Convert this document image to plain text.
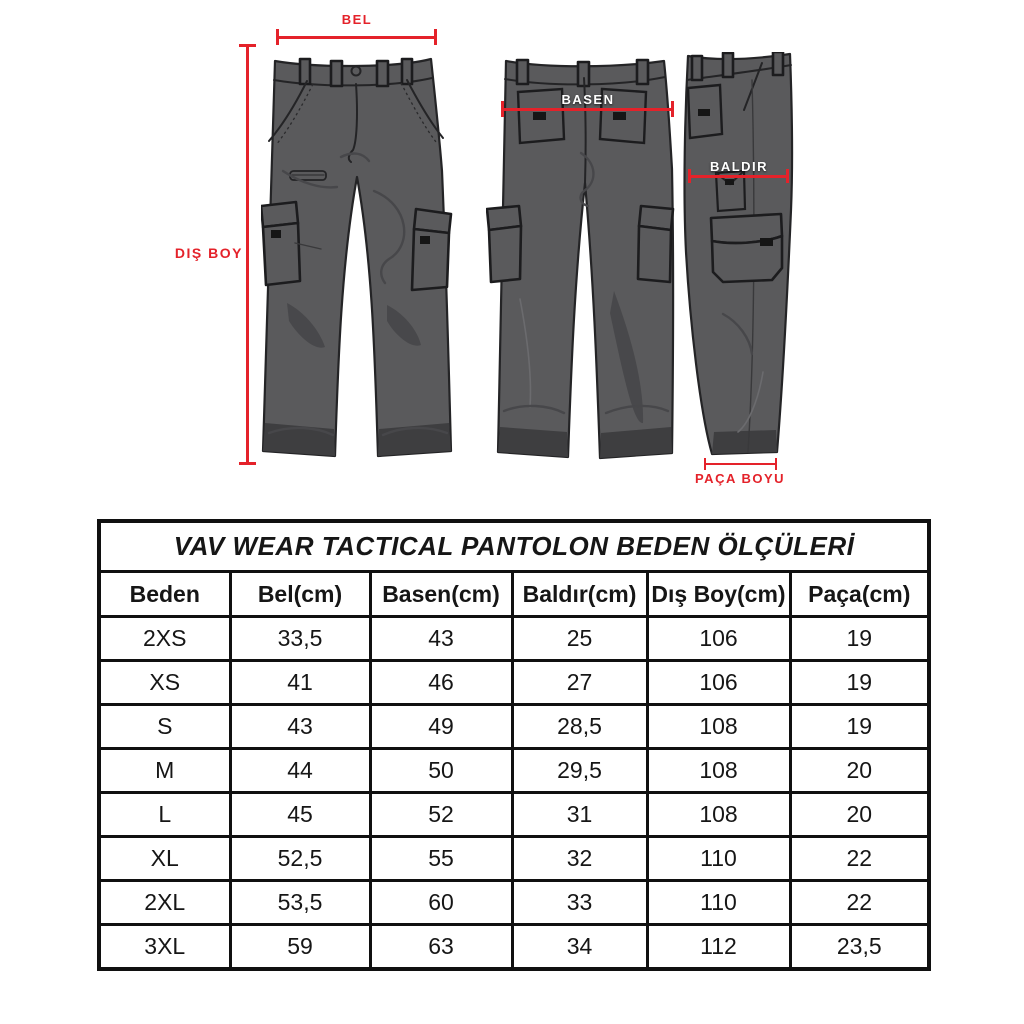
BEL
DIŞ BOY
BASEN
BALDIR
PAÇA BOYU
VAV WEAR TACTICAL PANTOLON BEDEN ÖLÇÜLERİ					
Beden	Bel(cm)	Basen(cm)	Baldır(cm)	Dış Boy(cm)	Paça(cm)
2XS	33,5	43	25	106	19
XS	41	46	27	106	19
S	43	49	28,5	108	19
M	44	50	29,5	108	20
L	45	52	31	108	20
XL	52,5	55	32	110	22
2XL	53,5	60	33	110	22
3XL	59	63	34	112	23,5
